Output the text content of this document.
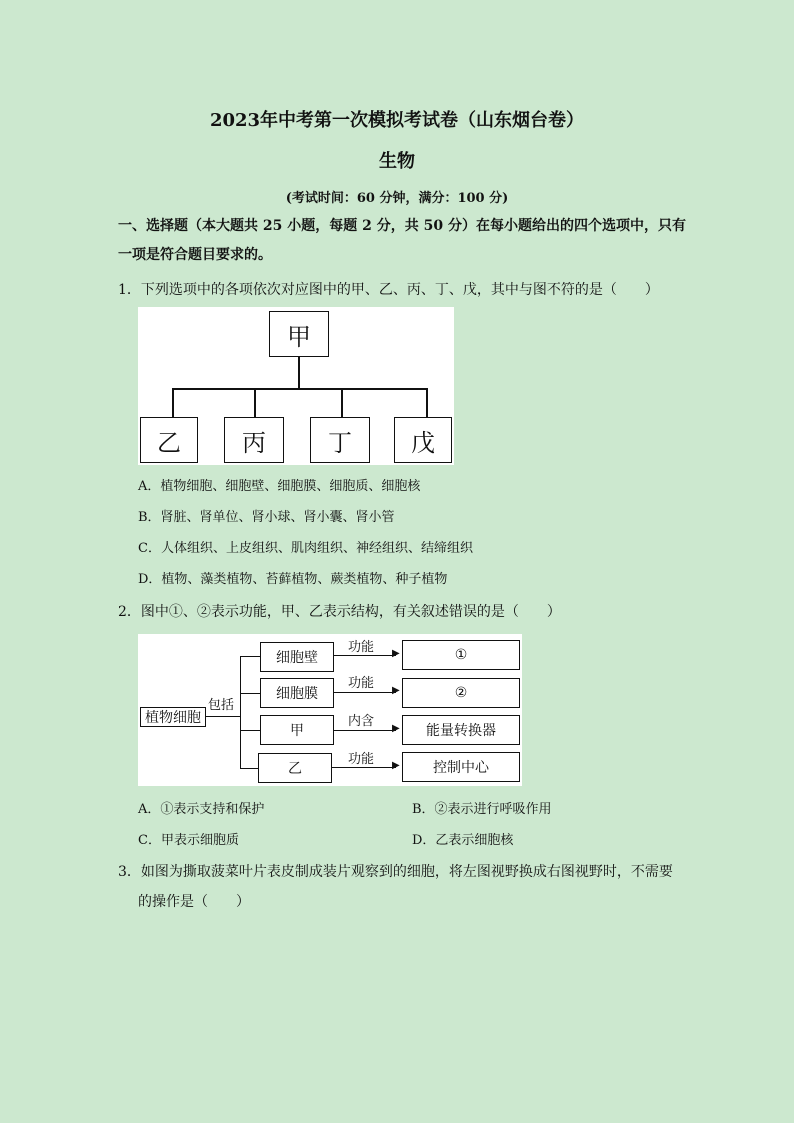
2023年中考第一次模拟考试卷（山东烟台卷）
生物
(考试时间：60 分钟，满分：100 分)
一、选择题（本大题共 25 小题，每题 2 分，共 50 分）在每小题给出的四个选项中，只有
一项是符合题目要求的。
1．下列选项中的各项依次对应图中的甲、乙、丙、丁、戊，其中与图不符的是（　　）
甲
乙	丙	丁	戊
A．植物细胞、细胞壁、细胞膜、细胞质、细胞核
B．肾脏、肾单位、肾小球、肾小囊、肾小管
C．人体组织、上皮组织、肌肉组织、神经组织、结缔组织
D．植物、藻类植物、苔藓植物、蕨类植物、种子植物
2．图中①、②表示功能，甲、乙表示结构，有关叙述错误的是（　　）
植物细胞
包括
细胞壁
功能 ▶	①
细胞膜
功能 ▶	②
甲
内含 ▶	能量转换器
乙
功能 ▶	控制中心
A．①表示支持和保护	B．②表示进行呼吸作用
C．甲表示细胞质	D．乙表示细胞核
3．如图为撕取菠菜叶片表皮制成装片观察到的细胞，将左图视野换成右图视野时，不需要
的操作是（　　）
